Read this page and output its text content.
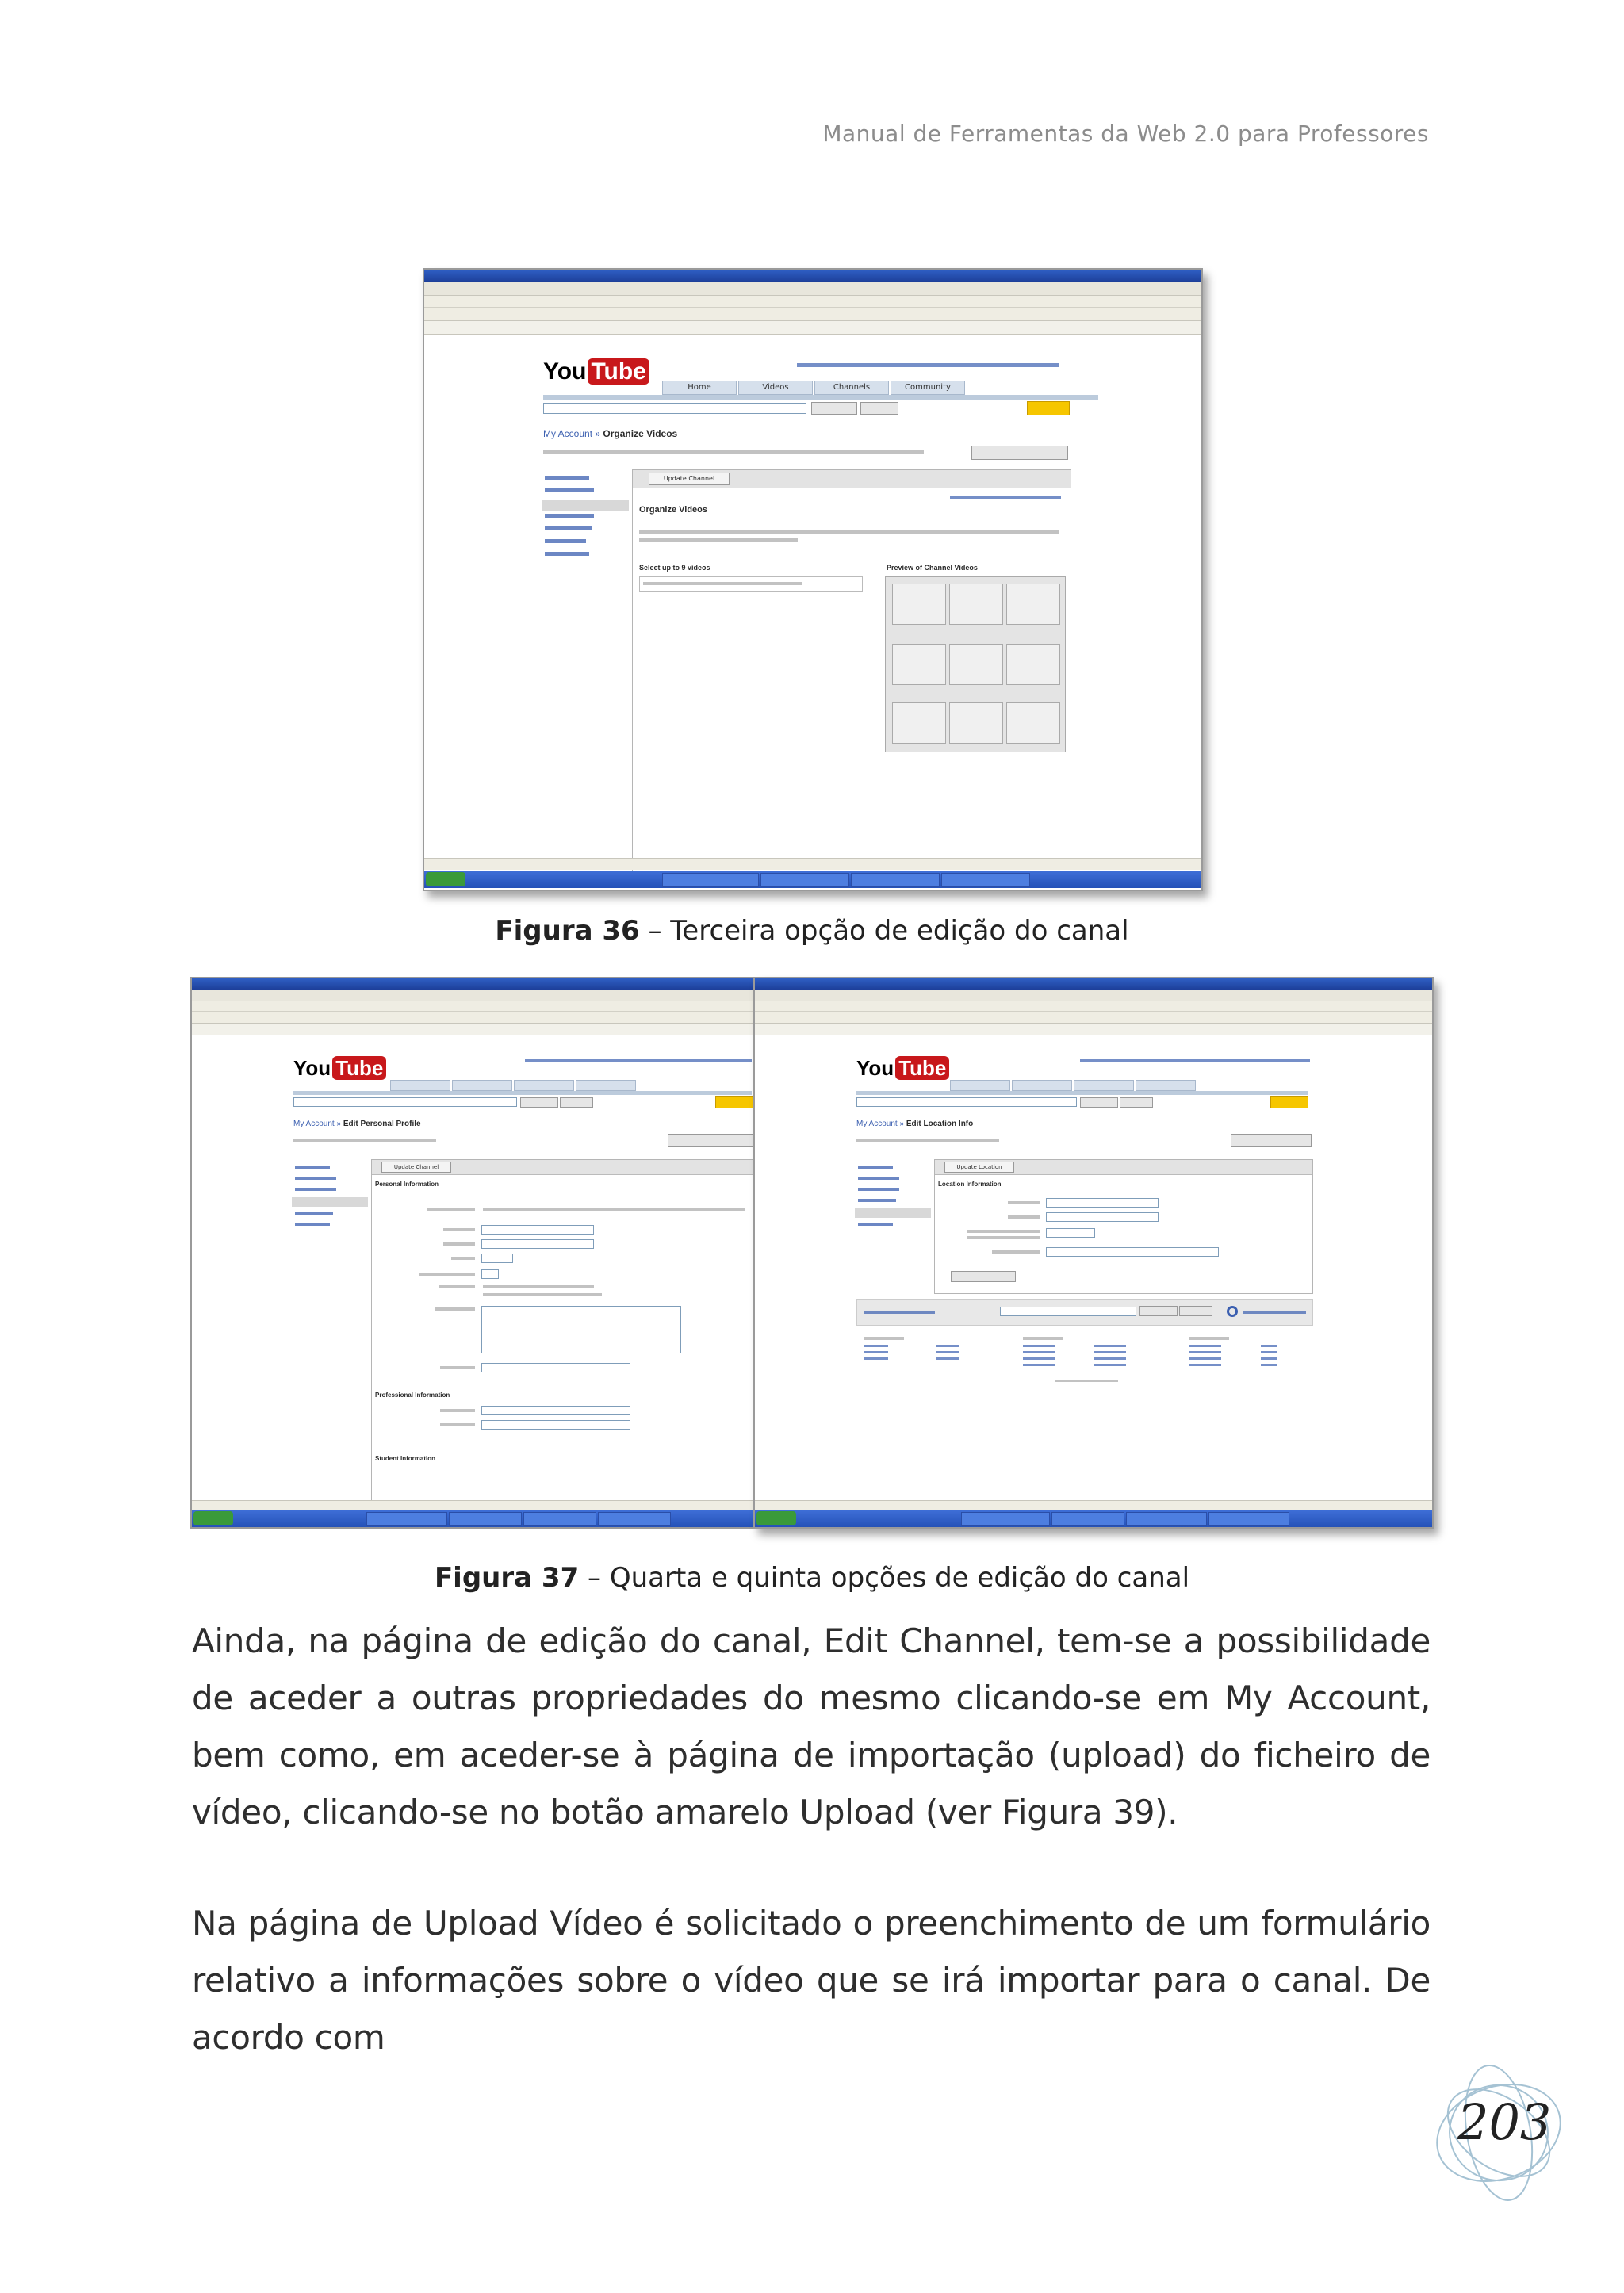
Manual de Ferramentas da Web 2.0 para Professores
You Tube
Home	Videos	Channels	Community
My Account » Organize Videos
Update Channel
Organize Videos
Select up to 9 videos	Preview of Channel Videos
Figura 36 – Terceira opção de edição do canal
You Tube
My Account » Edit Personal Profile
Update Channel
Personal Information
Professional Information
Student Information
You Tube
My Account » Edit Location Info
Update Location
Location Information
Figura 37 – Quarta e quinta opções de edição do canal
Ainda, na página de edição do canal, Edit Channel, tem-se a possibilidade de aceder a outras propriedades do mesmo clicando-se em My Account, bem como, em aceder-se à página de importação (upload) do ficheiro de vídeo, clicando-se no botão amarelo Upload (ver Figura 39).
Na página de Upload Vídeo é solicitado o preenchimento de um formulário relativo a informações sobre o vídeo que se irá importar para o canal. De acordo com
203
